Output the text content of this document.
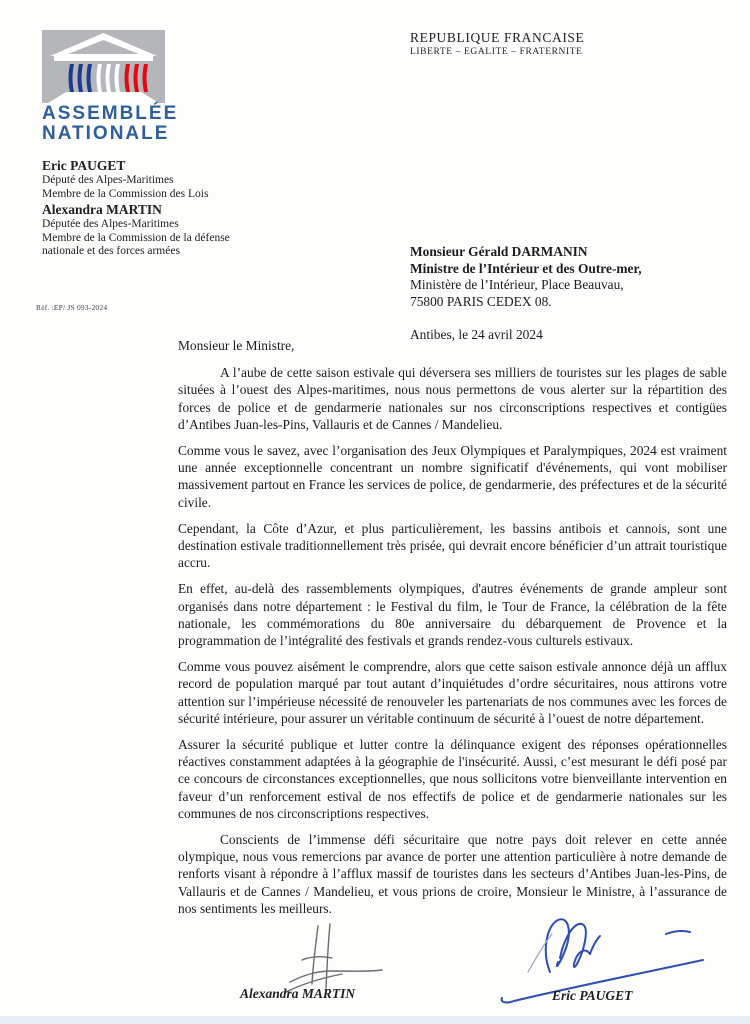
ASSEMBLÉE
NATIONALE
Eric PAUGET
Député des Alpes-Maritimes
Membre de la Commission des Lois
Alexandra MARTIN
Députée des Alpes-Maritimes
Membre de la Commission de la défense
nationale et des forces armées
Réf. :EP/ JS 093-2024
REPUBLIQUE FRANCAISE
LIBERTE – EGALITE – FRATERNITE
Monsieur Gérald DARMANIN
Ministre de l’Intérieur et des Outre-mer,
Ministère de l’Intérieur, Place Beauvau,
75800 PARIS CEDEX 08.
Antibes, le 24 avril 2024

Monsieur le Ministre,

A l’aube de cette saison estivale qui déversera ses milliers de touristes sur les plages de sable situées à l’ouest des Alpes-maritimes, nous nous permettons de vous alerter sur la répartition des forces de police et de gendarmerie nationales sur nos circonscriptions respectives et contigües d’Antibes Juan-les-Pins, Vallauris et de Cannes / Mandelieu.

Comme vous le savez, avec l’organisation des Jeux Olympiques et Paralympiques, 2024 est vraiment une année exceptionnelle concentrant un nombre significatif d'événements, qui vont mobiliser massivement partout en France les services de police, de gendarmerie, des préfectures et de la sécurité civile.

Cependant, la Côte d’Azur, et plus particulièrement, les bassins antibois et cannois, sont une destination estivale traditionnellement très prisée, qui devrait encore bénéficier d’un attrait touristique accru.

En effet, au-delà des rassemblements olympiques, d'autres événements de grande ampleur sont organisés dans notre département : le Festival du film, le Tour de France, la célébration de la fête nationale, les commémorations du 80e anniversaire du débarquement de Provence et la programmation de l’intégralité des festivals et grands rendez-vous culturels estivaux.

Comme vous pouvez aisément le comprendre, alors que cette saison estivale annonce déjà un afflux record de population marqué par tout autant d’inquiétudes d’ordre sécuritaires, nous attirons votre attention sur l’impérieuse nécessité de renouveler les partenariats de nos communes avec les forces de sécurité intérieure, pour assurer un véritable continuum de sécurité à l’ouest de notre département.

Assurer la sécurité publique et lutter contre la délinquance exigent des réponses opérationnelles réactives constamment adaptées à la géographie de l'insécurité. Aussi, c’est mesurant le défi posé par ce concours de circonstances exceptionnelles, que nous sollicitons votre bienveillante intervention en faveur d’un renforcement estival de nos effectifs de police et de gendarmerie nationales sur les communes de nos circonscriptions respectives.

Conscients de l’immense défi sécuritaire que notre pays doit relever en cette année olympique, nous vous remercions par avance de porter une attention particulière à notre demande de renforts visant à répondre à l’afflux massif de touristes dans les secteurs d’Antibes Juan-les-Pins, de Vallauris et de Cannes / Mandelieu, et vous prions de croire, Monsieur le Ministre, à l’assurance de nos sentiments les meilleurs.

Alexandra MARTIN	Eric PAUGET
